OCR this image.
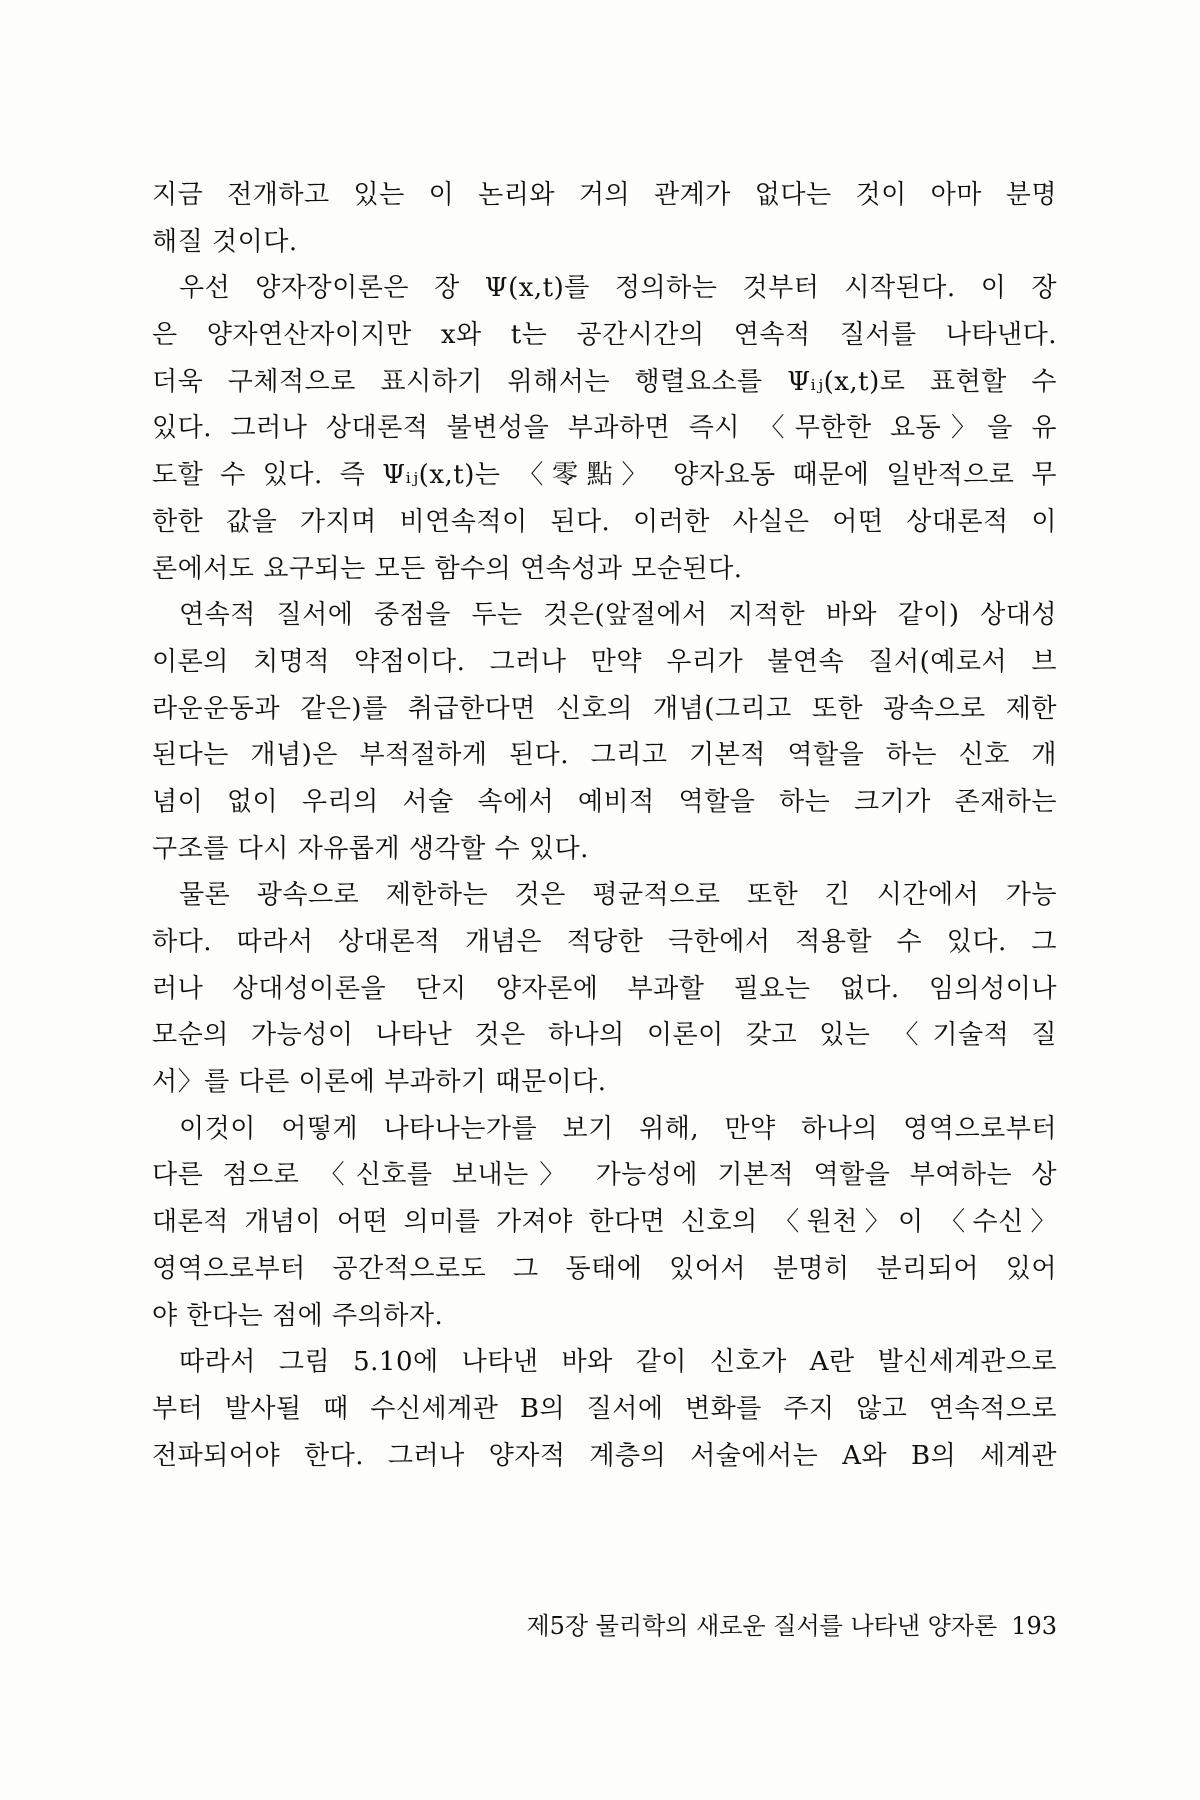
지금 전개하고 있는 이 논리와 거의 관계가 없다는 것이 아마 분명
해질 것이다.
우선 양자장이론은 장 Ψ(x,t)를 정의하는 것부터 시작된다. 이 장
은 양자연산자이지만 x와 t는 공간시간의 연속적 질서를 나타낸다.
더욱 구체적으로 표시하기 위해서는 행렬요소를 Ψᵢⱼ(x,t)로 표현할 수
있다. 그러나 상대론적 불변성을 부과하면 즉시 〈무한한 요동〉을 유
도할 수 있다. 즉 Ψᵢⱼ(x,t)는 〈零點〉 양자요동 때문에 일반적으로 무
한한 값을 가지며 비연속적이 된다. 이러한 사실은 어떤 상대론적 이
론에서도 요구되는 모든 함수의 연속성과 모순된다.
연속적 질서에 중점을 두는 것은(앞절에서 지적한 바와 같이) 상대성
이론의 치명적 약점이다. 그러나 만약 우리가 불연속 질서(예로서 브
라운운동과 같은)를 취급한다면 신호의 개념(그리고 또한 광속으로 제한
된다는 개념)은 부적절하게 된다. 그리고 기본적 역할을 하는 신호 개
념이 없이 우리의 서술 속에서 예비적 역할을 하는 크기가 존재하는
구조를 다시 자유롭게 생각할 수 있다.
물론 광속으로 제한하는 것은 평균적으로 또한 긴 시간에서 가능
하다. 따라서 상대론적 개념은 적당한 극한에서 적용할 수 있다. 그
러나 상대성이론을 단지 양자론에 부과할 필요는 없다. 임의성이나
모순의 가능성이 나타난 것은 하나의 이론이 갖고 있는 〈기술적 질
서〉를 다른 이론에 부과하기 때문이다.
이것이 어떻게 나타나는가를 보기 위해, 만약 하나의 영역으로부터
다른 점으로 〈신호를 보내는〉 가능성에 기본적 역할을 부여하는 상
대론적 개념이 어떤 의미를 가져야 한다면 신호의 〈원천〉이 〈수신〉
영역으로부터 공간적으로도 그 동태에 있어서 분명히 분리되어 있어
야 한다는 점에 주의하자.
따라서 그림 5.10에 나타낸 바와 같이 신호가 A란 발신세계관으로
부터 발사될 때 수신세계관 B의 질서에 변화를 주지 않고 연속적으로
전파되어야 한다. 그러나 양자적 계층의 서술에서는 A와 B의 세계관
제5장 물리학의 새로운 질서를 나타낸 양자론 193
